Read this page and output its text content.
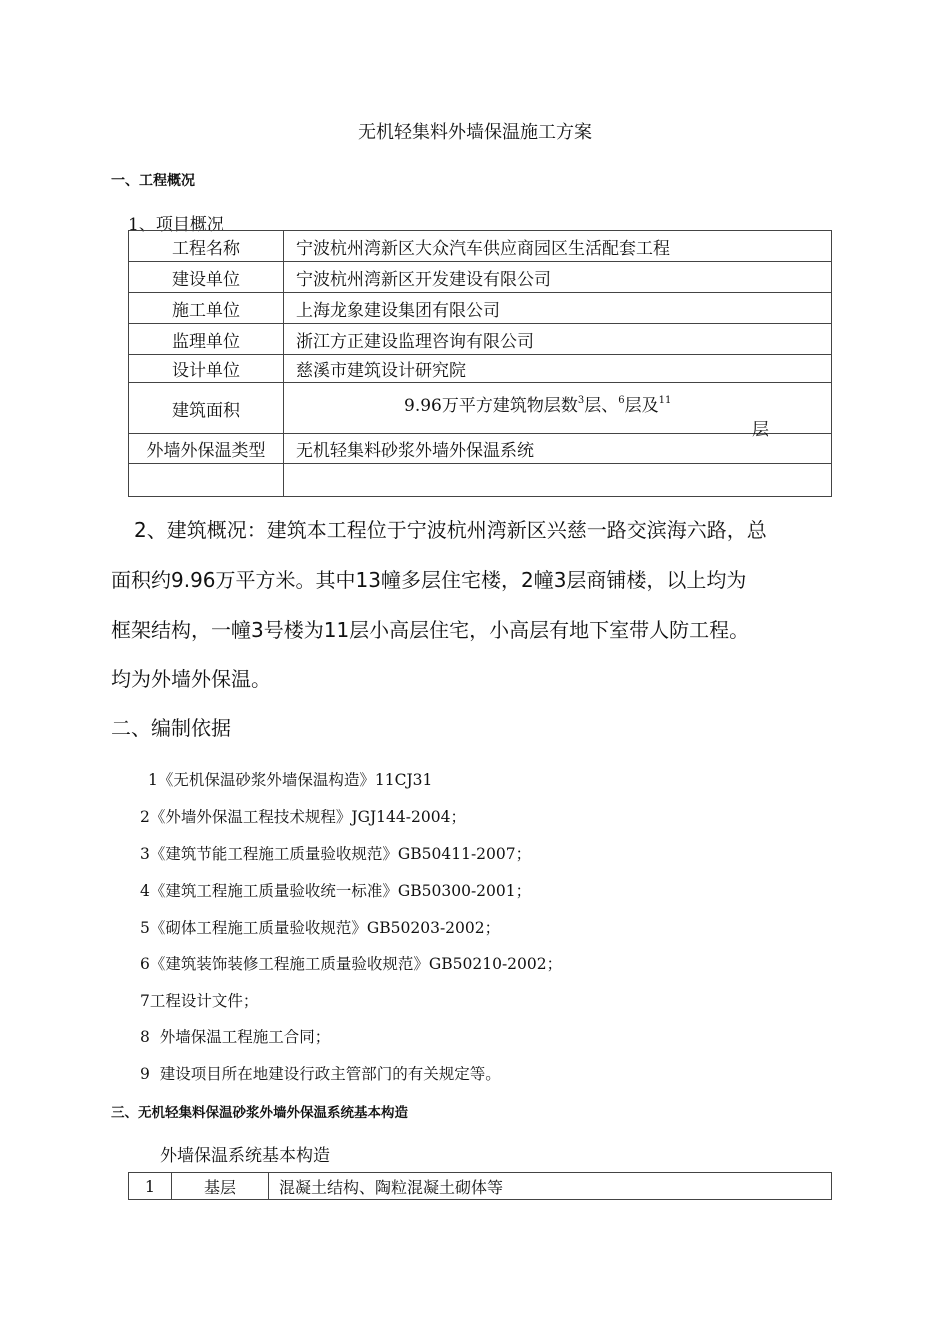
无机轻集料外墙保温施工方案
一、工程概况
1、项目概况
工程名称	宁波杭州湾新区大众汽车供应商园区生活配套工程
建设单位	宁波杭州湾新区开发建设有限公司
施工单位	上海龙象建设集团有限公司
监理单位	浙江方正建设监理咨询有限公司
设计单位	慈溪市建筑设计研究院
建筑面积	9.96万平方建筑物层数$^3$层、$^6$层及$^{11}$
层

外墙外保温类型	无机轻集料砂浆外墙外保温系统

2、建筑概况：建筑本工程位于宁波杭州湾新区兴慈一路交滨海六路，总
面积约9.96万平方米。其中13幢多层住宅楼，2幢3层商铺楼，以上均为
框架结构，一幢3号楼为11层小高层住宅，小高层有地下室带人防工程。
均为外墙外保温。
二、编制依据
1《无机保温砂浆外墙保温构造》11CJ31
2《外墙外保温工程技术规程》JGJ144-2004；
3《建筑节能工程施工质量验收规范》GB50411-2007；
4《建筑工程施工质量验收统一标准》GB50300-2001；
5《砌体工程施工质量验收规范》GB50203-2002；
6《建筑装饰装修工程施工质量验收规范》GB50210-2002；
7工程设计文件；
8  外墙保温工程施工合同；
9  建设项目所在地建设行政主管部门的有关规定等。
三、无机轻集料保温砂浆外墙外保温系统基本构造
外墙保温系统基本构造
1	基层	混凝土结构、陶粒混凝土砌体等
